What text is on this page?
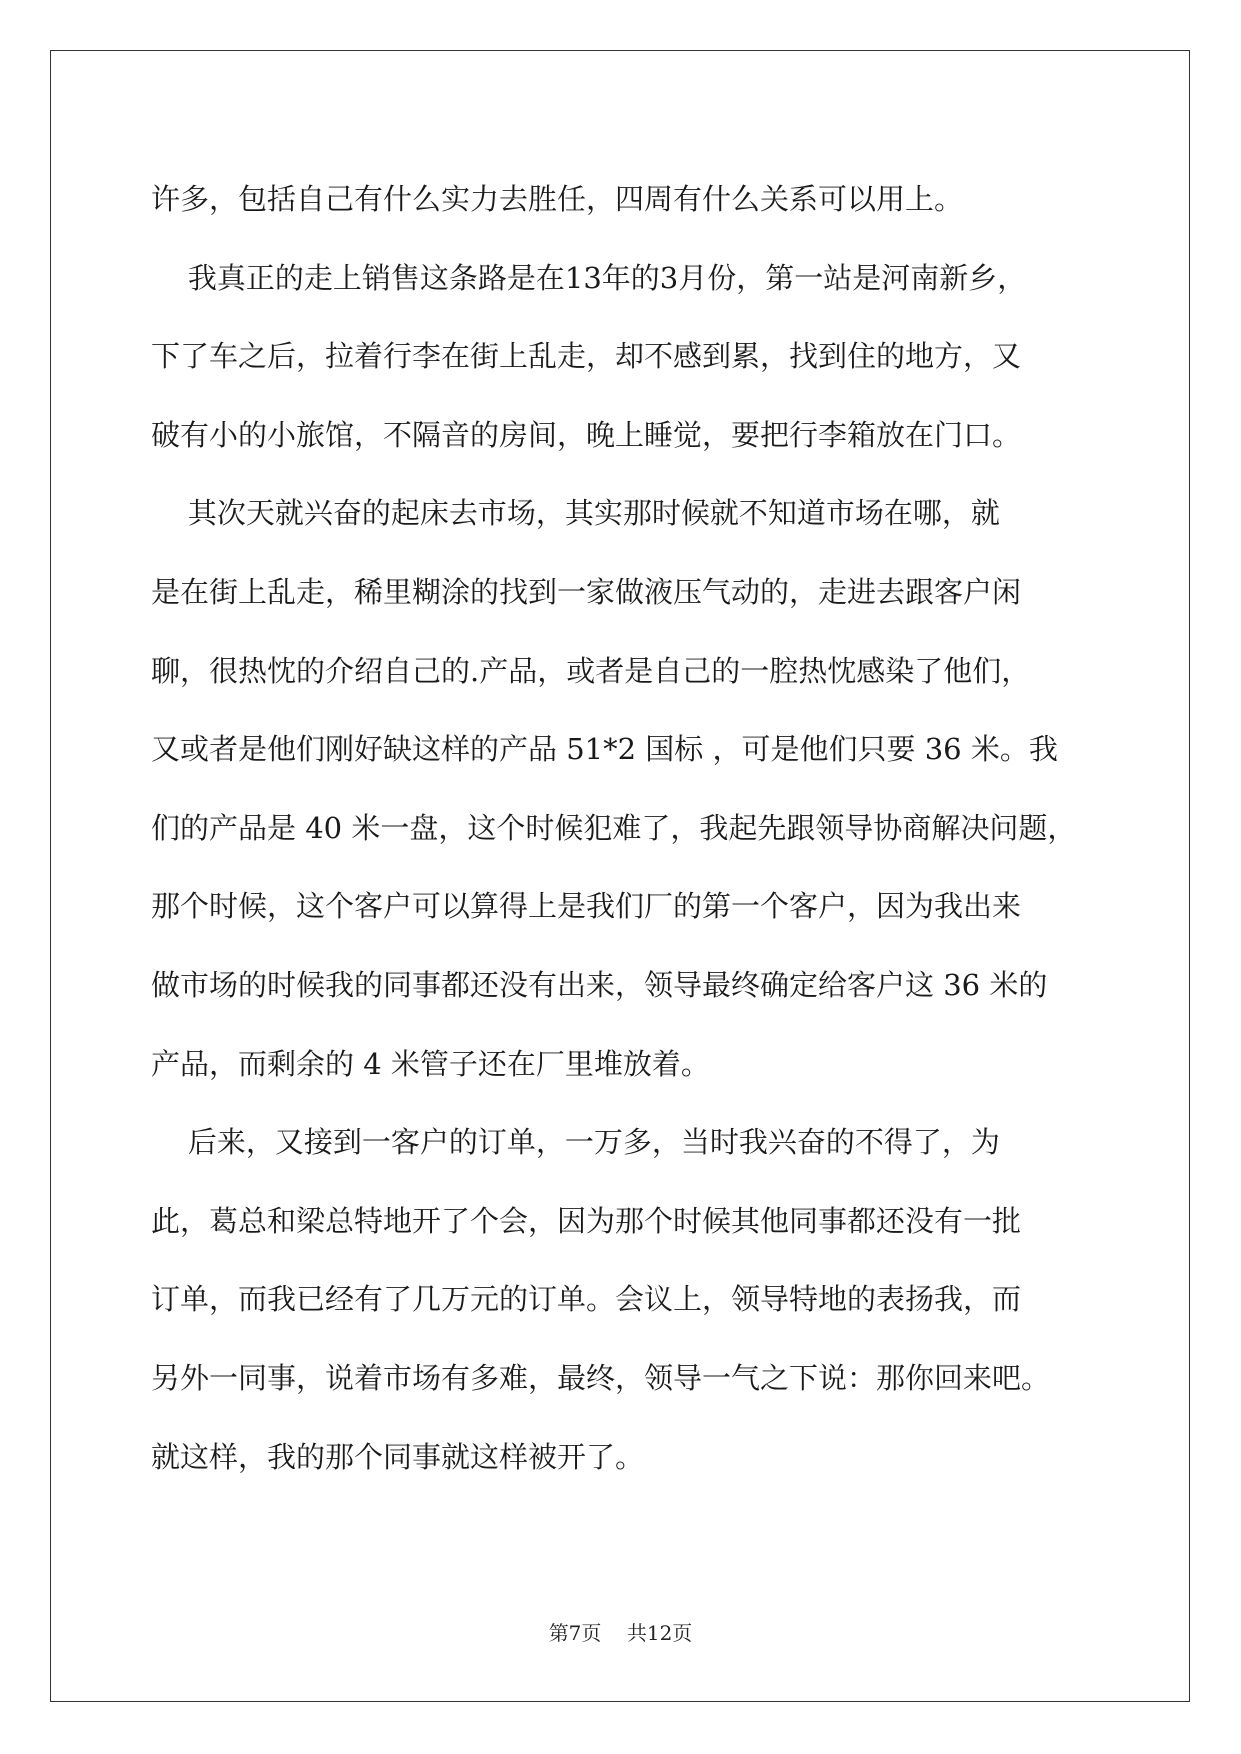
许多，包括自己有什么实力去胜任，四周有什么关系可以用上。

我真正的走上销售这条路是在13年的3月份，第一站是河南新乡，

下了车之后，拉着行李在街上乱走，却不感到累，找到住的地方，又

破有小的小旅馆，不隔音的房间，晚上睡觉，要把行李箱放在门口。

其次天就兴奋的起床去市场，其实那时候就不知道市场在哪，就

是在街上乱走，稀里糊涂的找到一家做液压气动的，走进去跟客户闲

聊，很热忱的介绍自己的.产品，或者是自己的一腔热忱感染了他们，

又或者是他们刚好缺这样的产品 51*2 国标 ，可是他们只要 36 米。我

们的产品是 40 米一盘，这个时候犯难了，我起先跟领导协商解决问题，

那个时候，这个客户可以算得上是我们厂的第一个客户，因为我出来

做市场的时候我的同事都还没有出来，领导最终确定给客户这 36 米的

产品，而剩余的 4 米管子还在厂里堆放着。

后来，又接到一客户的订单，一万多，当时我兴奋的不得了，为

此，葛总和梁总特地开了个会，因为那个时候其他同事都还没有一批

订单，而我已经有了几万元的订单。会议上，领导特地的表扬我，而

另外一同事，说着市场有多难，最终，领导一气之下说：那你回来吧。

就这样，我的那个同事就这样被开了。

第7页    共12页
